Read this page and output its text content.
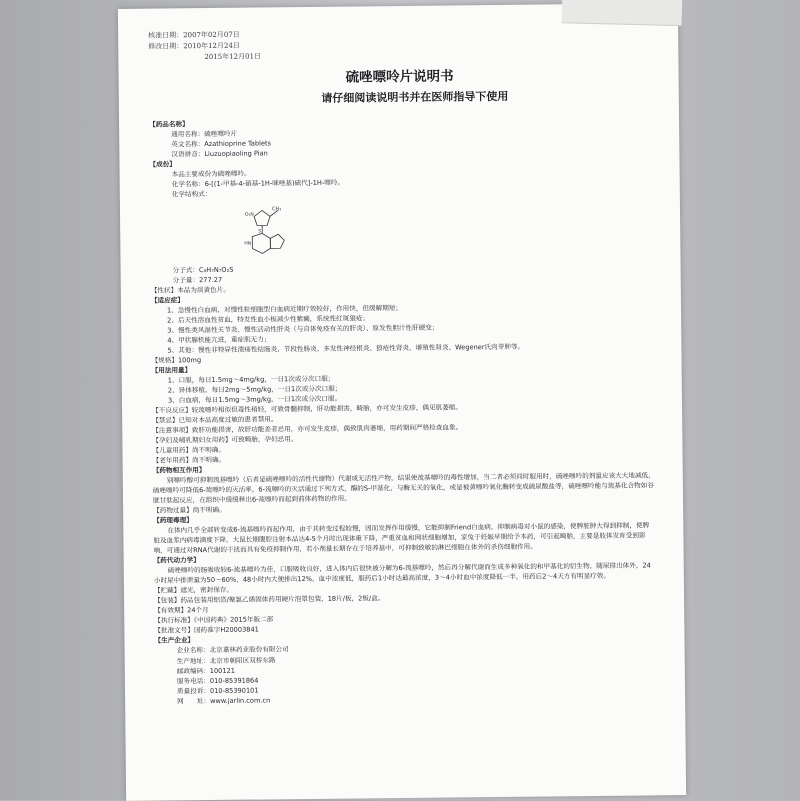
核准日期：2007年02月07日
修改日期：2010年12月24日
2015年12月01日
硫唑嘌呤片说明书
请仔细阅读说明书并在医师指导下使用
【药品名称】
通用名称：硫唑嘌呤片
英文名称：Azathioprine Tablets
汉语拼音：Liuzuopiaoling Pian
【成份】
本品主要成份为硫唑嘌呤。
化学名称：6-[(1-甲基-4-硝基-1H-咪唑基)硫代]-1H-嘌呤。
化学结构式：
CH₃
O₂N
S
HN
分子式：C₉H₇N₇O₂S
分子量：277.27
【性状】本品为淡黄色片。
【适应症】
1、急慢性白血病，对慢性粒细胞型白血病近期疗效较好，作用快，但缓解期短；
2、后天性溶血性贫血，特发性血小板减少性紫癜，系统性红斑狼疮；
3、慢性类风湿性关节炎、慢性活动性肝炎（与自体免疫有关的肝炎）、原发性胆汁性肝硬变；
4、甲状腺机能亢进，重症肌无力；
5、其他：慢性非特异性溃疡性结肠炎、节段性肠炎、多发性神经根炎、狼疮性肾炎、增殖性肾炎、Wegener氏肉芽肿等。
【规格】100mg
【用法用量】
1、口服，每日1.5mg～4mg/kg，一日1次或分次口服；
2、异体移植，每日2mg～5mg/kg，一日1次或分次口服；
3、白血病，每日1.5mg～3mg/kg，一日1次或分次口服。
【不良反应】较巯嘌呤相似但毒性稍轻，可致骨髓抑制，肝功能损害，畸胎，亦可发生皮疹，偶见肌萎缩。
【禁忌】已知对本品高度过敏的患者禁用。
【注意事项】致肝功能损害，故肝功能差者忌用，亦可发生皮疹，偶致肌肉萎缩，用药期间严格检查血象。
【孕妇及哺乳期妇女用药】可致畸胎，孕妇忌用。
【儿童用药】尚不明确。
【老年用药】尚不明确。
【药物相互作用】
别嘌呤醇可抑制巯基嘌呤（后者是硫唑嘌呤的活性代谢物）代谢成无活性产物，结果使巯基嘌呤的毒性增加，当二者必须同时服用时，硫唑嘌呤的剂量应该大大地减低，硫唑嘌呤可降低6-巯嘌呤的灭活率，6-巯嘌呤的灭活通过下列方式，酶的S-甲基化，与酶无关的氧化，或是被黄嘌呤氧化酶转变成硫尿酸盐等，硫唑嘌呤能与巯基化合物如谷胱甘肽起反应，在组织中缓缓释出6-巯嘌呤而起到前体药物的作用。
【药物过量】尚不明确。
【药理毒理】
在体内几乎全部转变成6-巯基嘌呤而起作用，由于其转变过程较慢，因而发挥作用缓慢，它能抑制Friend白血病，抑制病毒对小鼠的感染，使脾脏肿大得到抑制，使脾脏及血浆内病毒滴度下降，大鼠长期腹腔注射本品达4-5个月时出现体重下降，严重贫血和网状细胞增加，家兔于妊娠早期给予本药，可引起畸胎，主要是肢体发育受到影响，可通过对RNA代谢的干扰而具有免疫抑制作用，若小剂量长期存在于培养基中，可抑制致敏的淋巴细胞在体外的杀伤细胞作用。
【药代动力学】
硫唑嘌呤的肠吸收较6-巯基嘌呤为佳，口服吸收良好，进入体内后很快被分解为6-巯基嘌呤，然后再分解代谢而生成多种氧化的和甲基化的衍生物，随尿排出体外，24小时尿中排泄量为50～60%，48小时内大便排出12%，血中浓度低，服药后1小时达最高浓度，3～4小时血中浓度降低一半，用药后2～4天方有明显疗效。
【贮藏】遮光，密封保存。
【包装】药品包装用铝箔/聚氯乙烯固体药用硬片泡罩包装，18片/板，2板/盒。
【有效期】24个月
【执行标准】《中国药典》2015年版二部
【批准文号】国药准字H20003841
【生产企业】
企业名称：北京嘉林药业股份有限公司
生产地址：北京市朝阳区双桥东路
邮政编码：100121
服务电话：010-85391864
质量投诉：010-85390101
网　　址：www.jarlin.com.cn
